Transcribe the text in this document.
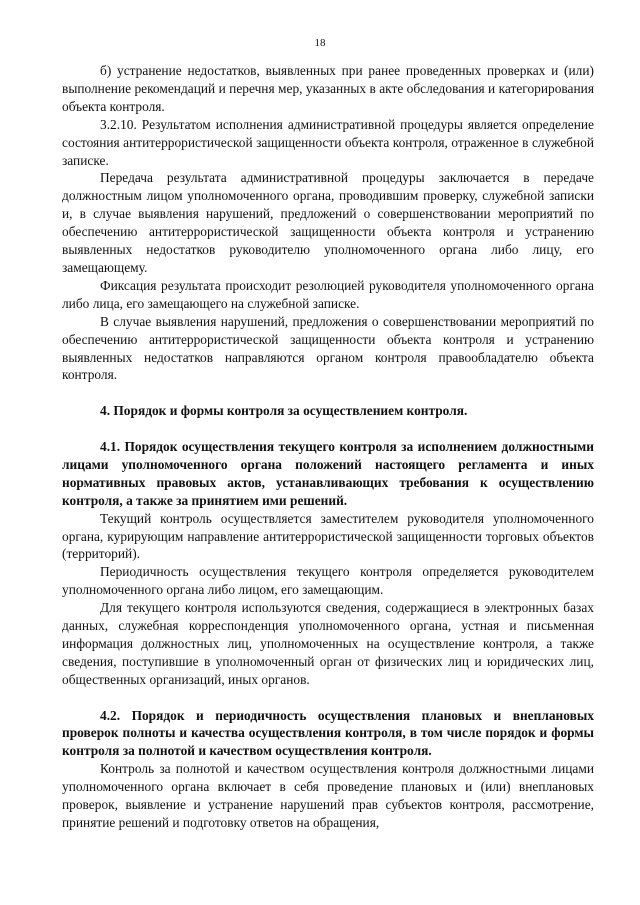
18

б) устранение недостатков, выявленных при ранее проведенных проверках и (или) выполнение рекомендаций и перечня мер, указанных в акте обследования и категорирования объекта контроля.

3.2.10. Результатом исполнения административной процедуры является определение состояния антитеррористической защищенности объекта контроля, отраженное в служебной записке.

Передача результата административной процедуры заключается в передаче должностным лицом уполномоченного органа, проводившим проверку, служебной записки и, в случае выявления нарушений, предложений о совершенствовании мероприятий по обеспечению антитеррористической защищенности объекта контроля и устранению выявленных недостатков руководителю уполномоченного органа либо лицу, его замещающему.

Фиксация результата происходит резолюцией руководителя уполномоченного органа либо лица, его замещающего на служебной записке.

В случае выявления нарушений, предложения о совершенствовании мероприятий по обеспечению антитеррористической защищенности объекта контроля и устранению выявленных недостатков направляются органом контроля правообладателю объекта контроля.

4. Порядок и формы контроля за осуществлением контроля.
4.1. Порядок осуществления текущего контроля за исполнением должностными лицами уполномоченного органа положений настоящего регламента и иных нормативных правовых актов, устанавливающих требования к осуществлению контроля, а также за принятием ими решений.

Текущий контроль осуществляется заместителем руководителя уполномоченного органа, курирующим направление антитеррористической защищенности торговых объектов (территорий).

Периодичность осуществления текущего контроля определяется руководителем уполномоченного органа либо лицом, его замещающим.

Для текущего контроля используются сведения, содержащиеся в электронных базах данных, служебная корреспонденция уполномоченного органа, устная и письменная информация должностных лиц, уполномоченных на осуществление контроля, а также сведения, поступившие в уполномоченный орган от физических лиц и юридических лиц, общественных организаций, иных органов.

4.2. Порядок и периодичность осуществления плановых и внеплановых проверок полноты и качества осуществления контроля, в том числе порядок и формы контроля за полнотой и качеством осуществления контроля.

Контроль за полнотой и качеством осуществления контроля должностными лицами уполномоченного органа включает в себя проведение плановых и (или) внеплановых проверок, выявление и устранение нарушений прав субъектов контроля, рассмотрение, принятие решений и подготовку ответов на обращения,
